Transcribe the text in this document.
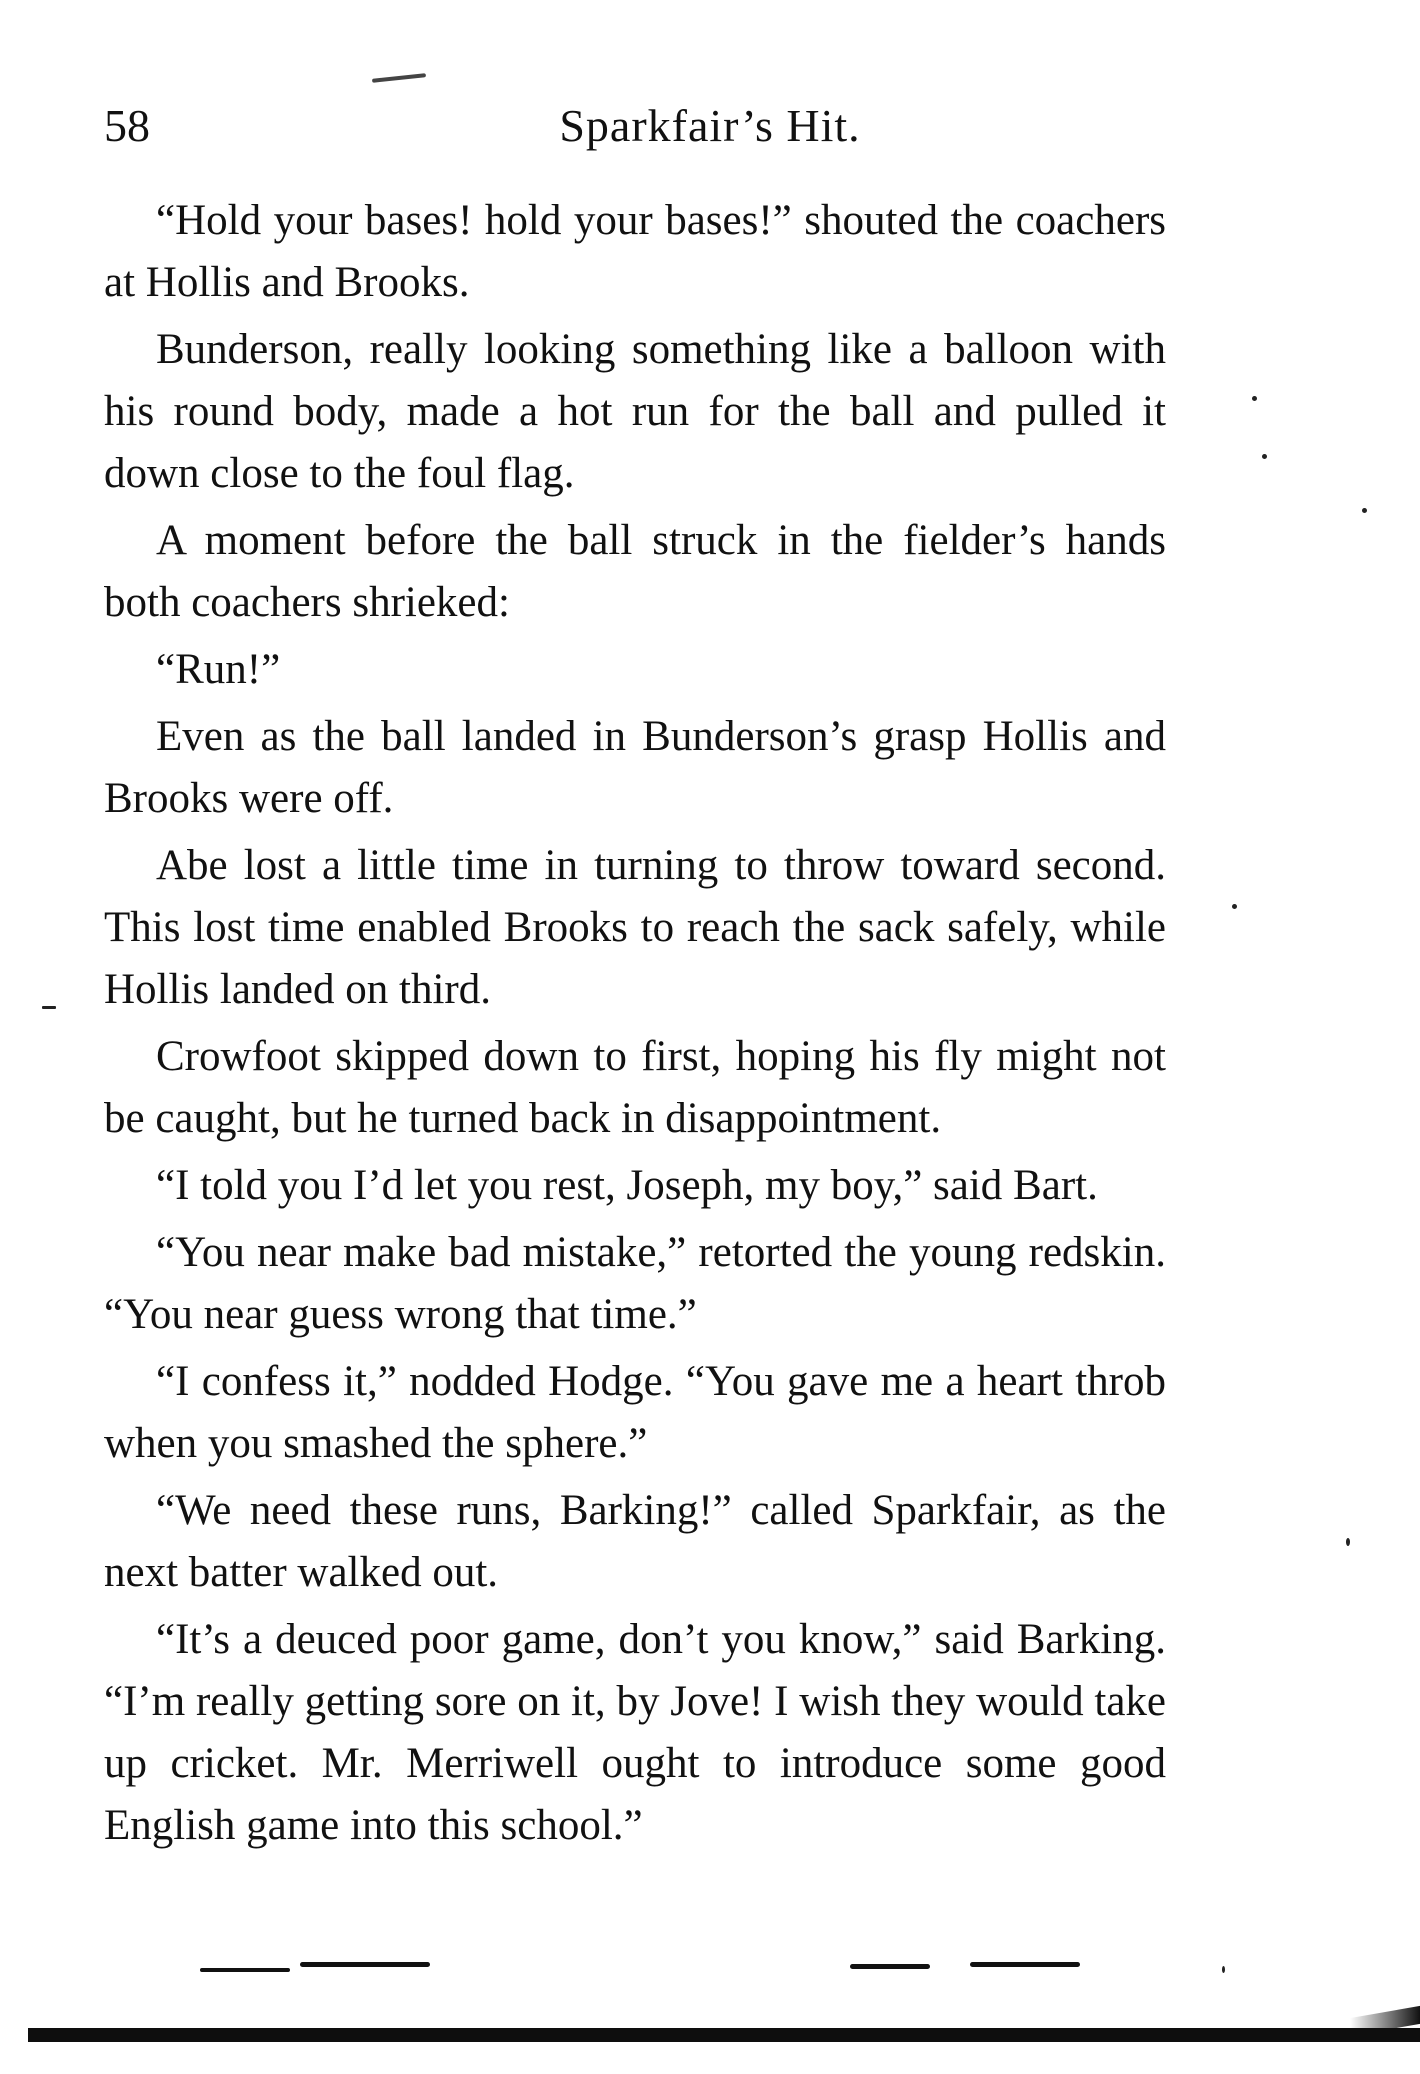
58	Sparkfair’s Hit.

“Hold your bases! hold your bases!” shouted the coachers at Hollis and Brooks.

Bunderson, really looking something like a balloon with his round body, made a hot run for the ball and pulled it down close to the foul flag.

A moment before the ball struck in the fielder’s hands both coachers shrieked:

“Run!”

Even as the ball landed in Bunderson’s grasp Hollis and Brooks were off.

Abe lost a little time in turning to throw toward second. This lost time enabled Brooks to reach the sack safely, while Hollis landed on third.

Crowfoot skipped down to first, hoping his fly might not be caught, but he turned back in disappointment.

“I told you I’d let you rest, Joseph, my boy,” said Bart.

“You near make bad mistake,” retorted the young redskin. “You near guess wrong that time.”

“I confess it,” nodded Hodge. “You gave me a heart throb when you smashed the sphere.”

“We need these runs, Barking!” called Sparkfair, as the next batter walked out.

“It’s a deuced poor game, don’t you know,” said Barking. “I’m really getting sore on it, by Jove! I wish they would take up cricket. Mr. Merriwell ought to introduce some good English game into this school.”
